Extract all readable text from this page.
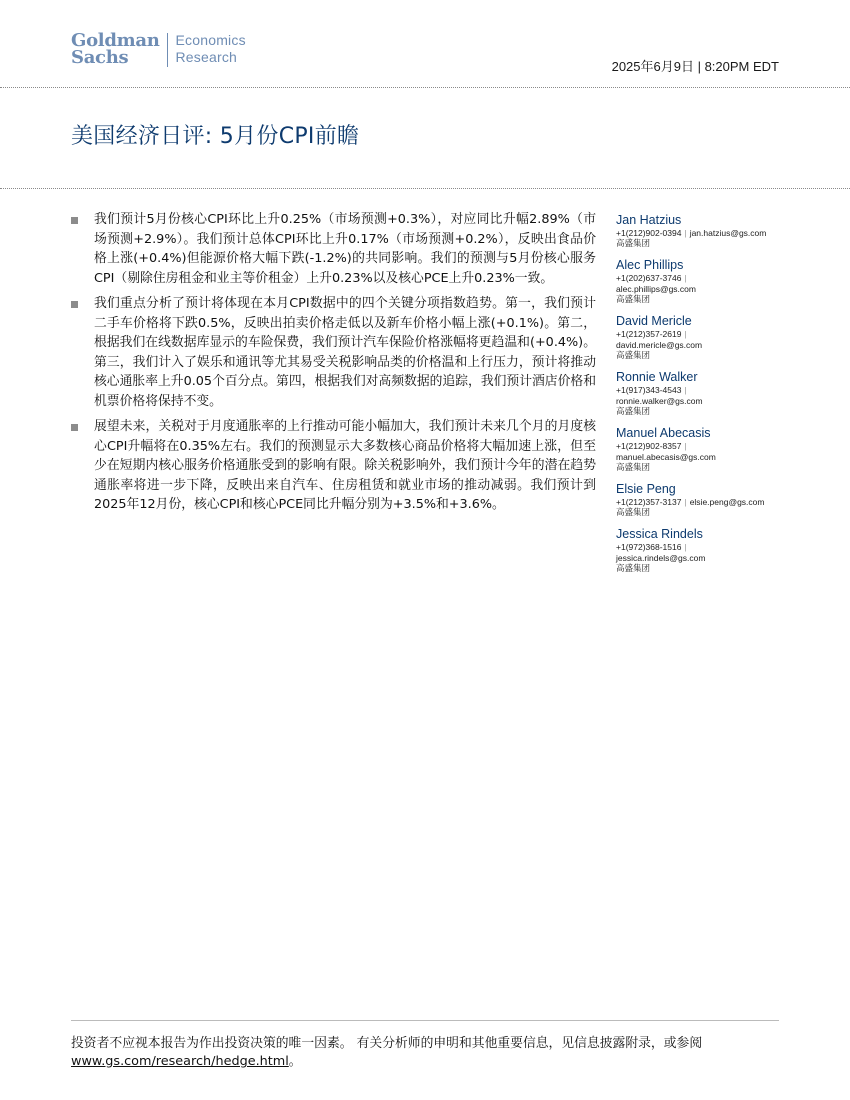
Goldman
Sachs
Economics
Research
2025年6月9日 | 8:20PM EDT
美国经济日评: 5月份CPI前瞻
我们预计5月份核心CPI环比上升0.25%（市场预测+0.3%），对应同比升幅2.89%（市场预测+2.9%）。我们预计总体CPI环比上升0.17%（市场预测+0.2%），反映出食品价格上涨(+0.4%)但能源价格大幅下跌(-1.2%)的共同影响。我们的预测与5月份核心服务CPI（剔除住房租金和业主等价租金）上升0.23%以及核心PCE上升0.23%一致。
我们重点分析了预计将体现在本月CPI数据中的四个关键分项指数趋势。第一，我们预计二手车价格将下跌0.5%，反映出拍卖价格走低以及新车价格小幅上涨(+0.1%)。第二，根据我们在线数据库显示的车险保费，我们预计汽车保险价格涨幅将更趋温和(+0.4%)。第三，我们计入了娱乐和通讯等尤其易受关税影响品类的价格温和上行压力，预计将推动核心通胀率上升0.05个百分点。第四，根据我们对高频数据的追踪，我们预计酒店价格和机票价格将保持不变。
展望未来，关税对于月度通胀率的上行推动可能小幅加大，我们预计未来几个月的月度核心CPI升幅将在0.35%左右。我们的预测显示大多数核心商品价格将大幅加速上涨，但至少在短期内核心服务价格通胀受到的影响有限。除关税影响外，我们预计今年的潜在趋势通胀率将进一步下降，反映出来自汽车、住房租赁和就业市场的推动减弱。我们预计到2025年12月份，核心CPI和核心PCE同比升幅分别为+3.5%和+3.6%。
Jan Hatzius
+1(212)902-0394 | jan.hatzius@gs.com
高盛集团
Alec Phillips
+1(202)637-3746 |
alec.phillips@gs.com
高盛集团
David Mericle
+1(212)357-2619 |
david.mericle@gs.com
高盛集团
Ronnie Walker
+1(917)343-4543 |
ronnie.walker@gs.com
高盛集团
Manuel Abecasis
+1(212)902-8357 |
manuel.abecasis@gs.com
高盛集团
Elsie Peng
+1(212)357-3137 | elsie.peng@gs.com
高盛集团
Jessica Rindels
+1(972)368-1516 |
jessica.rindels@gs.com
高盛集团
投资者不应视本报告为作出投资决策的唯一因素。 有关分析师的申明和其他重要信息，见信息披露附录，或参阅
www.gs.com/research/hedge.html。
